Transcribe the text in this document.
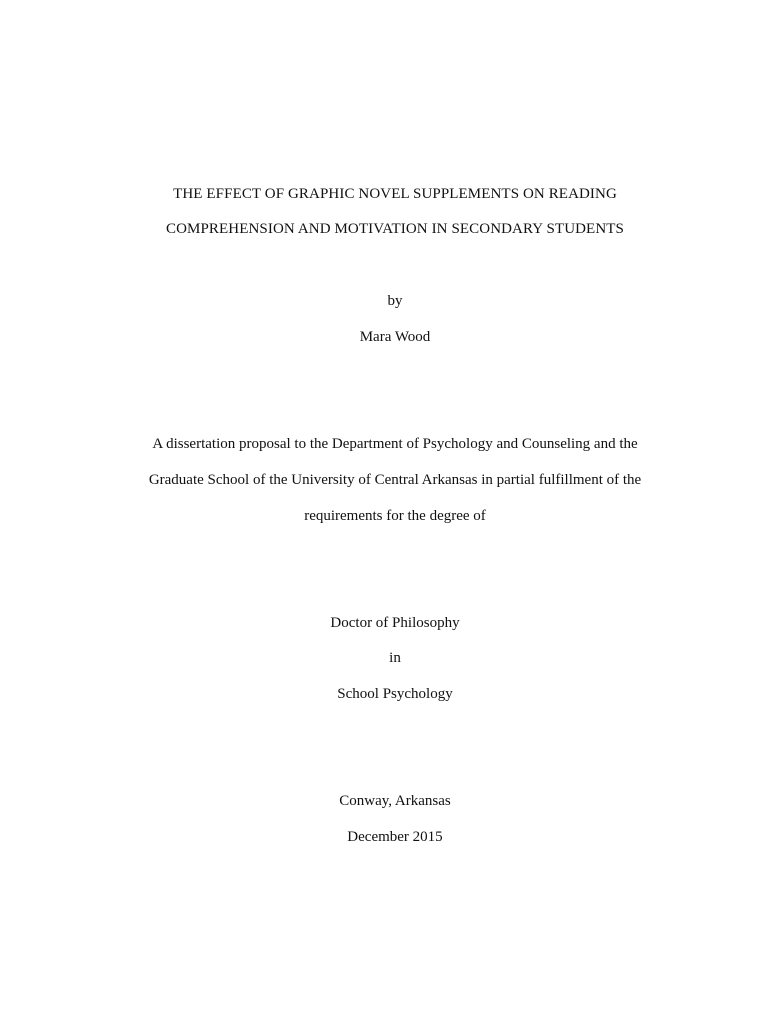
THE EFFECT OF GRAPHIC NOVEL SUPPLEMENTS ON READING
COMPREHENSION AND MOTIVATION IN SECONDARY STUDENTS
by
Mara Wood
A dissertation proposal to the Department of Psychology and Counseling and the
Graduate School of the University of Central Arkansas in partial fulfillment of the
requirements for the degree of
Doctor of Philosophy
in
School Psychology
Conway, Arkansas
December 2015
